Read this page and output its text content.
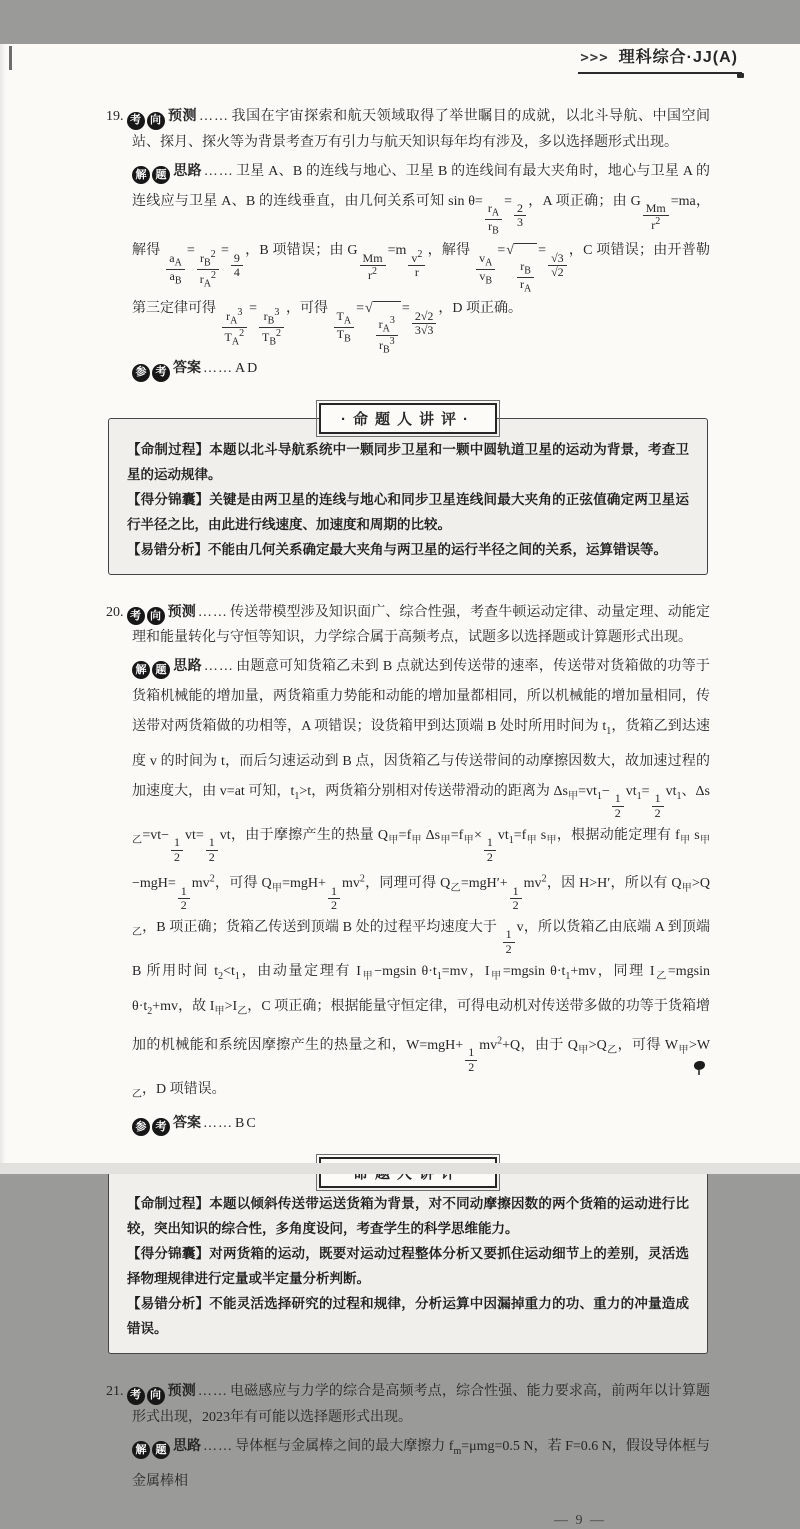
>>> 理科综合·JJ(A)

19. 考 向 预测 …… 我国在宇宙探索和航天领域取得了举世瞩目的成就，以北斗导航、中国空间站、探月、探火等为背景考查万有引力与航天知识每年均有涉及，多以选择题形式出现。

解 题 思路 …… 卫星 A、B 的连线与地心、卫星 B 的连线间有最大夹角时，地心与卫星 A 的连线应与卫星 A、B 的连线垂直，由几何关系可知 sin θ=
$\frac{r_A}{r_B}$
=
$\frac{2}{3}$
，A 项正确；由 G
$\frac{Mm}{r^2}$
=ma，解得
$\frac{a_A}{a_B}$
= $\frac{r_B^2}{r_A^2}$ =
$\frac{9}{4}$
，B 项错误；由 G
$\frac{Mm}{r^2}$
$=m \frac{v^2}{r}$ ，解得
$\frac{v_A}{v_B}$
= √
$\frac{r_B}{r_A}$
=
$\frac{√3}{√2}$
，C 项错误；由开普勒第三定律可得 $\frac{r_A^3}{T_A^2} = \frac{r_B^3}{T_B^2}$ ，可得
$\frac{T_A}{T_B}$
= √
$\frac{r_A^3}{r_B^3}$
=
$\frac{2√2}{3√3}$
，D 项正确。

参 考 答案 …… AD

·命题人讲评·

【命制过程】本题以北斗导航系统中一颗同步卫星和一颗中圆轨道卫星的运动为背景，考查卫星的运动规律。

【得分锦囊】关键是由两卫星的连线与地心和同步卫星连线间最大夹角的正弦值确定两卫星运行半径之比，由此进行线速度、加速度和周期的比较。

【易错分析】不能由几何关系确定最大夹角与两卫星的运行半径之间的关系，运算错误等。

20. 考 向 预测 …… 传送带模型涉及知识面广、综合性强，考查牛顿运动定律、动量定理、动能定理和能量转化与守恒等知识，力学综合属于高频考点，试题多以选择题或计算题形式出现。

解 题 思路 …… 由题意可知货箱乙未到 B 点就达到传送带的速率，传送带对货箱做的功等于货箱机械能的增加量，两货箱重力势能和动能的增加量都相同，所以机械能的增加量相同，传送带对两货箱做的功相等，A 项错误；设货箱甲到达顶端 B 处时所用时间为 $t_1$，货箱乙到达速度 v 的时间为 t，而后匀速运动到 B 点，因货箱乙与传送带间的动摩擦因数大，故加速过程的加速度大，由 v=at 可知，$t_1>t$，两货箱分别相对传送带滑动的距离为 $\Delta s_甲=vt_1-$
$\frac{1}{2}$
$vt_1=$
$\frac{1}{2}$
$vt_1$、$\Delta s_乙=vt-$
$\frac{1}{2}$
vt=
$\frac{1}{2}$
vt，由于摩擦产生的热量 $Q_甲=f_甲$ $\Delta s_甲=f_甲\times$
$\frac{1}{2}$
$vt_1=f_甲$ $s_甲$，根据动能定理有 $f_甲$ $s_甲-mgH=$
$\frac{1}{2}$
$mv^2$，可得 $Q_甲=mgH+$
$\frac{1}{2}$
$mv^2$，同理可得 $Q_乙=mgH'+$
$\frac{1}{2}$
$mv^2$，因 H>H′，所以有 $Q_甲>Q_乙$，B 项正确；货箱乙传送到顶端 B 处的过程平均速度大于
$\frac{1}{2}$
v，所以货箱乙由底端 A 到顶端 B 所用时间 $t_2<t_1$，由动量定理有 $I_甲-mgsin$ $\theta\cdot t_1=mv$，$I_甲=mgsin$ $\theta\cdot t_1+mv$，同理 $I_乙=mgsin$ $\theta\cdot t_2+mv$，故 $I_甲>I_乙$，C 项正确；根据能量守恒定律，可得电动机对传送带多做的功等于货箱增加的机械能和系统因摩擦产生的热量之和，W=mgH+
$\frac{1}{2}$
$mv^2+Q$，由于 $Q_甲>Q_乙$，可得 $W_甲>W_乙$，D 项错误。

参 考 答案 …… BC

【命制过程】本题以倾斜传送带运送货箱为背景，对不同动摩擦因数的两个货箱的运动进行比较，突出知识的综合性，多角度设问，考查学生的科学思维能力。

【得分锦囊】对两货箱的运动，既要对运动过程整体分析又要抓住运动细节上的差别，灵活选择物理规律进行定量或半定量分析判断。

【易错分析】不能灵活选择研究的过程和规律，分析运算中因漏掉重力的功、重力的冲量造成错误。

21. 考 向 预测 …… 电磁感应与力学的综合是高频考点，综合性强、能力要求高，前两年以计算题形式出现，2023年有可能以选择题形式出现。

解 题 思路 …… 导体框与金属棒之间的最大摩擦力 $f_m=\mu mg=0.5$ N，若 F=0.6 N，假设导体框与金属棒相

— 9 —
